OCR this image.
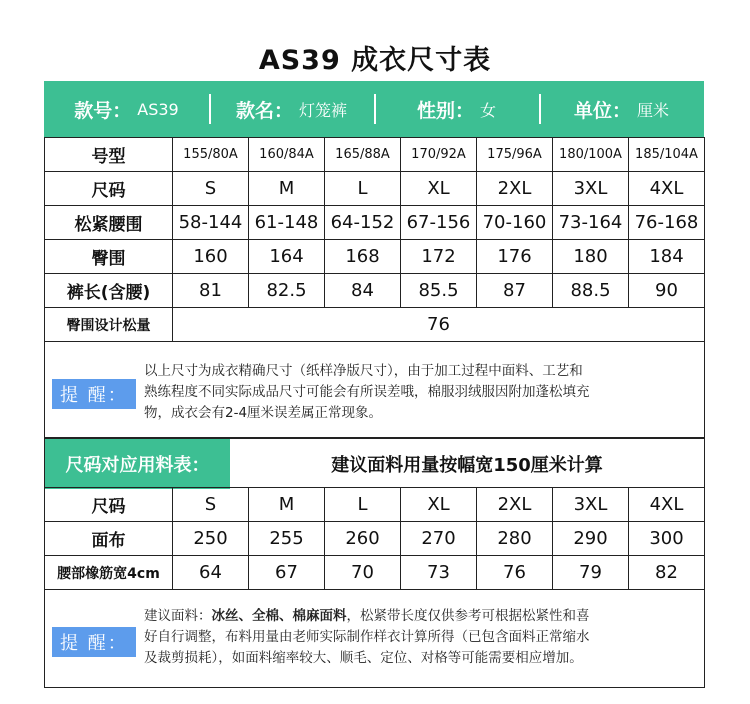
AS39 成衣尺寸表
款号： AS39	款名： 灯笼裤	性别： 女	单位： 厘米
号型	155/80A	160/84A	165/88A	170/92A	175/96A	180/100A	185/104A
尺码	S	M	L	XL	2XL	3XL	4XL
松紧腰围	58-144	61-148	64-152	67-156	70-160	73-164	76-168
臀围	160	164	168	172	176	180	184
裤长(含腰)	81	82.5	84	85.5	87	88.5	90
臀围设计松量	76						
提 醒：
以上尺寸为成衣精确尺寸（纸样净版尺寸），由于加工过程中面料、工艺和
熟练程度不同实际成品尺寸可能会有所误差哦，棉服羽绒服因附加蓬松填充
物，成衣会有2-4厘米误差属正常现象。
尺码对应用料表：	建议面料用量按幅宽150厘米计算
尺码	S	M	L	XL	2XL	3XL	4XL
面布	250	255	260	270	280	290	300
腰部橡筋宽4cm	64	67	70	73	76	79	82
提 醒：
建议面料：冰丝、全棉、棉麻面料，松紧带长度仅供参考可根据松紧性和喜
好自行调整，布料用量由老师实际制作样衣计算所得（已包含面料正常缩水
及裁剪损耗），如面料缩率较大、顺毛、定位、对格等可能需要相应增加。
